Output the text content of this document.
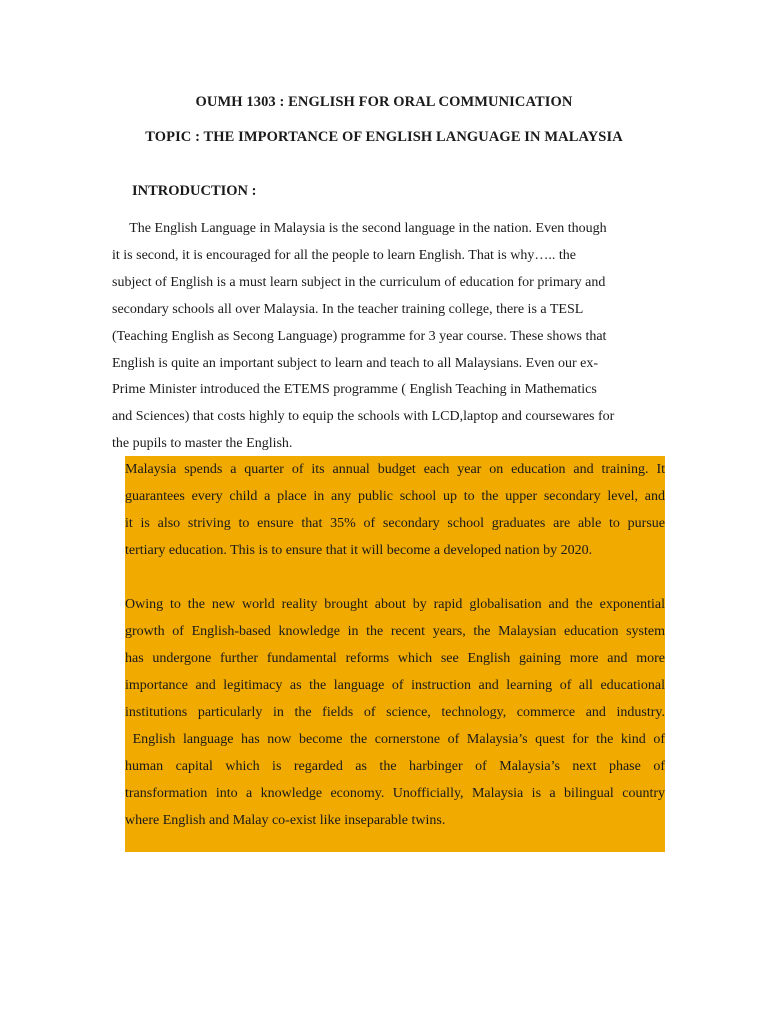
OUMH 1303 : ENGLISH FOR ORAL COMMUNICATION
TOPIC : THE IMPORTANCE OF ENGLISH LANGUAGE IN MALAYSIA
INTRODUCTION :

The English Language in Malaysia is the second language in the nation. Even though
it is second, it is encouraged for all the people to learn English. That is why….. the
subject of English is a must learn subject in the curriculum of education for primary and
secondary schools all over Malaysia. In the teacher training college, there is a TESL
(Teaching English as Secong Language) programme for 3 year course. These shows that
English is quite an important subject to learn and teach to all Malaysians. Even our ex-
Prime Minister introduced the ETEMS programme ( English Teaching in Mathematics
and Sciences) that costs highly to equip the schools with LCD,laptop and coursewares for
the pupils to master the English.

Malaysia spends a quarter of its annual budget each year on education and training. It
guarantees every child a place in any public school up to the upper secondary level, and
it is also striving to ensure that 35% of secondary school graduates are able to pursue
tertiary education. This is to ensure that it will become a developed nation by 2020.

Owing to the new world reality brought about by rapid globalisation and the exponential
growth of English-based knowledge in the recent years, the Malaysian education system
has undergone further fundamental reforms which see English gaining more and more
importance and legitimacy as the language of instruction and learning of all educational
institutions particularly in the fields of science, technology, commerce and industry.
English language has now become the cornerstone of Malaysia’s quest for the kind of
human capital which is regarded as the harbinger of Malaysia’s next phase of
transformation into a knowledge economy. Unofficially, Malaysia is a bilingual country
where English and Malay co-exist like inseparable twins.
